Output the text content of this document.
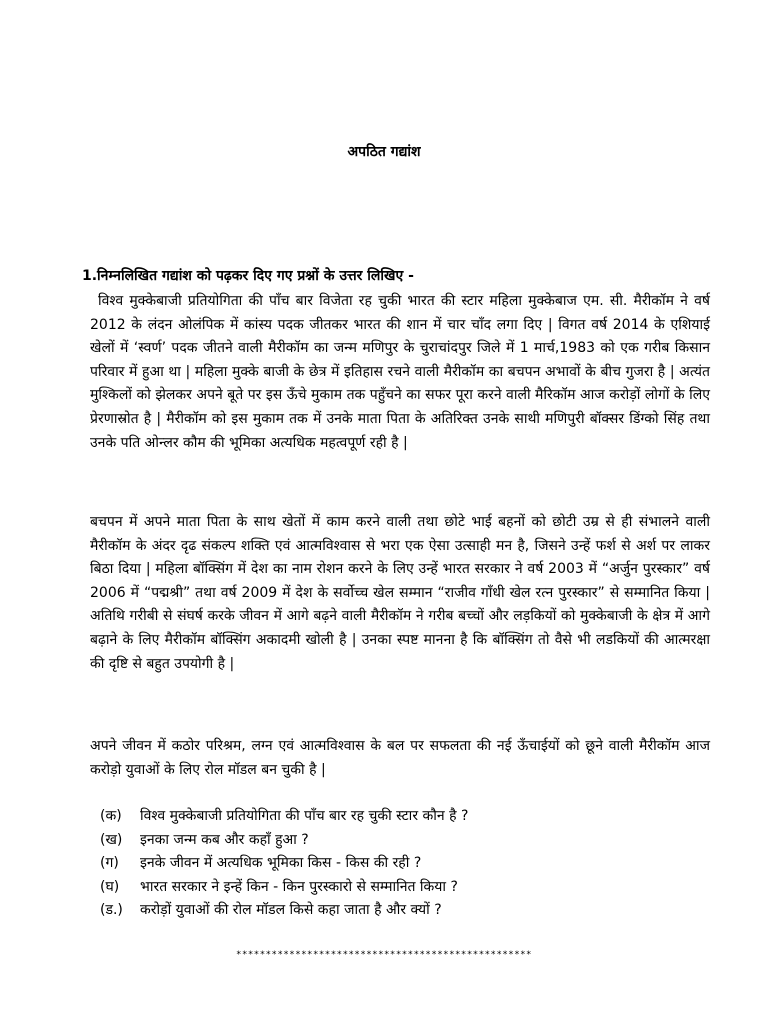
अपठित गद्यांश
1.निम्नलिखित गद्यांश को पढ़कर दिए गए प्रश्नों के उत्तर लिखिए -

विश्व मुक्केबाजी प्रतियोगिता की पाँच बार विजेता रह चुकी भारत की स्टार महिला मुक्केबाज एम. सी. मैरीकॉम ने वर्ष 2012 के लंदन ओलंपिक में कांस्य पदक जीतकर भारत की शान में चार चाँद लगा दिए | विगत वर्ष 2014 के एशियाई खेलों में ‘स्वर्ण’ पदक जीतने वाली मैरीकॉम का जन्म मणिपुर के चुराचांदपुर जिले में 1 मार्च,1983 को एक गरीब किसान परिवार में हुआ था | महिला मुक्के बाजी के छेत्र में इतिहास रचने वाली मैरीकॉम का बचपन अभावों के बीच गुजरा है | अत्यंत मुश्किलों को झेलकर अपने बूते पर इस ऊँचे मुकाम तक पहुँचने का सफर पूरा करने वाली मैरिकॉम आज करोड़ों लोगों के लिए प्रेरणास्रोत है | मैरीकॉम को इस मुकाम तक में उनके माता पिता के अतिरिक्त उनके साथी मणिपुरी बॉक्सर डिंग्को सिंह तथा उनके पति ओन्लर कौम की भूमिका अत्यधिक महत्वपूर्ण रही है |

बचपन में अपने माता पिता के साथ खेतों में काम करने वाली तथा छोटे भाई बहनों को छोटी उम्र से ही संभालने वाली मैरीकॉम के अंदर दृढ संकल्प शक्ति एवं आत्मविश्वास से भरा एक ऐसा उत्साही मन है, जिसने उन्हें फर्श से अर्श पर लाकर बिठा दिया | महिला बॉक्सिंग में देश का नाम रोशन करने के लिए उन्हें भारत सरकार ने वर्ष 2003 में “अर्जुन पुरस्कार” वर्ष 2006 में “पद्मश्री” तथा वर्ष 2009 में देश के सर्वोच्च खेल सम्मान “राजीव गाँधी खेल रत्न पुरस्कार” से सम्मानित किया | अतिथि गरीबी से संघर्ष करके जीवन में आगे बढ़ने वाली मैरीकॉम ने गरीब बच्चों और लड़कियों को मुक्केबाजी के क्षेत्र में आगे बढ़ाने के लिए मैरीकॉम बॉक्सिंग अकादमी खोली है | उनका स्पष्ट मानना है कि बॉक्सिंग तो वैसे भी लडकियों की आत्मरक्षा की दृष्टि से बहुत उपयोगी है |

अपने जीवन में कठोर परिश्रम, लग्न एवं आत्मविश्वास के बल पर सफलता की नई ऊँचाईयों को छूने वाली मैरीकॉम आज करोड़ो युवाओं के लिए रोल मॉडल बन चुकी है |

(क) विश्व मुक्केबाजी प्रतियोगिता की पाँच बार रह चुकी स्टार कौन है ?
(ख) इनका जन्म कब और कहाँ हुआ ?
(ग) इनके जीवन में अत्यधिक भूमिका किस - किस की रही ?
(घ) भारत सरकार ने इन्हें किन - किन पुरस्कारो से सम्मानित किया ?
(ड.) करोड़ों युवाओं की रोल मॉडल किसे कहा जाता है और क्यों ?
**************************************************
